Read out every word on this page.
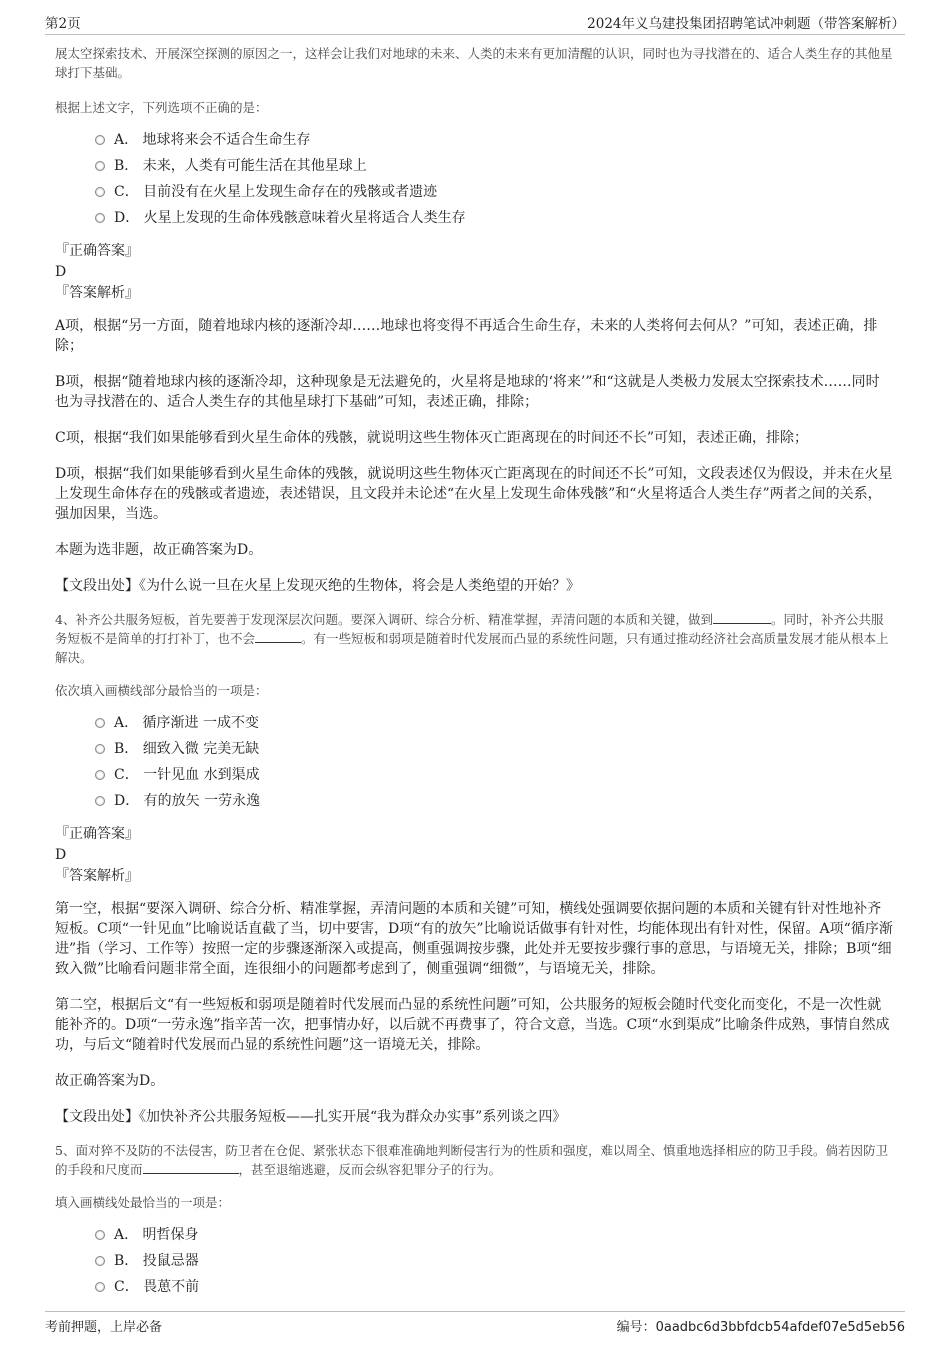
第2页	2024年义乌建投集团招聘笔试冲刺题（带答案解析）

展太空探索技术、开展深空探测的原因之一，这样会让我们对地球的未来、人类的未来有更加清醒的认识，同时也为寻找潜在的、适合人类生存的其他星球打下基础。

根据上述文字，下列选项不正确的是：

A． 地球将来会不适合生命生存
B． 未来，人类有可能生活在其他星球上
C． 目前没有在火星上发现生命存在的残骸或者遗迹
D． 火星上发现的生命体残骸意味着火星将适合人类生存

『正确答案』

D

『答案解析』

A项，根据“另一方面，随着地球内核的逐渐冷却……地球也将变得不再适合生命生存，未来的人类将何去何从？”可知，表述正确，排除；

B项，根据“随着地球内核的逐渐冷却，这种现象是无法避免的，火星将是地球的‘将来’”和“这就是人类极力发展太空探索技术……同时也为寻找潜在的、适合人类生存的其他星球打下基础”可知，表述正确，排除；

C项，根据“我们如果能够看到火星生命体的残骸，就说明这些生物体灭亡距离现在的时间还不长”可知，表述正确，排除；

D项，根据“我们如果能够看到火星生命体的残骸，就说明这些生物体灭亡距离现在的时间还不长”可知，文段表述仅为假设，并未在火星上发现生命体存在的残骸或者遗迹，表述错误，且文段并未论述“在火星上发现生命体残骸”和“火星将适合人类生存”两者之间的关系，强加因果，当选。

本题为选非题，故正确答案为D。

【文段出处】《为什么说一旦在火星上发现灭绝的生物体，将会是人类绝望的开始？》

4、补齐公共服务短板，首先要善于发现深层次问题。要深入调研、综合分析、精准掌握，弄清问题的本质和关键，做到	。同时，补齐公共服务短板不是简单的打打补丁，也不会	。有一些短板和弱项是随着时代发展而凸显的系统性问题，只有通过推动经济社会高质量发展才能从根本上解决。

依次填入画横线部分最恰当的一项是：

A． 循序渐进 一成不变
B． 细致入微 完美无缺
C． 一针见血 水到渠成
D． 有的放矢 一劳永逸

『正确答案』

D

『答案解析』

第一空，根据“要深入调研、综合分析、精准掌握，弄清问题的本质和关键”可知，横线处强调要依据问题的本质和关键有针对性地补齐短板。C项“一针见血”比喻说话直截了当，切中要害，D项“有的放矢”比喻说话做事有针对性，均能体现出有针对性，保留。A项“循序渐进”指（学习、工作等）按照一定的步骤逐渐深入或提高，侧重强调按步骤，此处并无要按步骤行事的意思，与语境无关，排除；B项“细致入微”比喻看问题非常全面，连很细小的问题都考虑到了，侧重强调“细微”，与语境无关，排除。

第二空，根据后文“有一些短板和弱项是随着时代发展而凸显的系统性问题”可知，公共服务的短板会随时代变化而变化，不是一次性就能补齐的。D项“一劳永逸”指辛苦一次，把事情办好，以后就不再费事了，符合文意，当选。C项“水到渠成”比喻条件成熟，事情自然成功，与后文“随着时代发展而凸显的系统性问题”这一语境无关，排除。

故正确答案为D。

【文段出处】《加快补齐公共服务短板——扎实开展“我为群众办实事”系列谈之四》

5、面对猝不及防的不法侵害，防卫者在仓促、紧张状态下很难准确地判断侵害行为的性质和强度，难以周全、慎重地选择相应的防卫手段。倘若因防卫的手段和尺度而	，甚至退缩逃避，反而会纵容犯罪分子的行为。

填入画横线处最恰当的一项是：

A． 明哲保身
B． 投鼠忌器
C． 畏葸不前
考前押题，上岸必备	编号：0aadbc6d3bbfdcb54afdef07e5d5eb56
